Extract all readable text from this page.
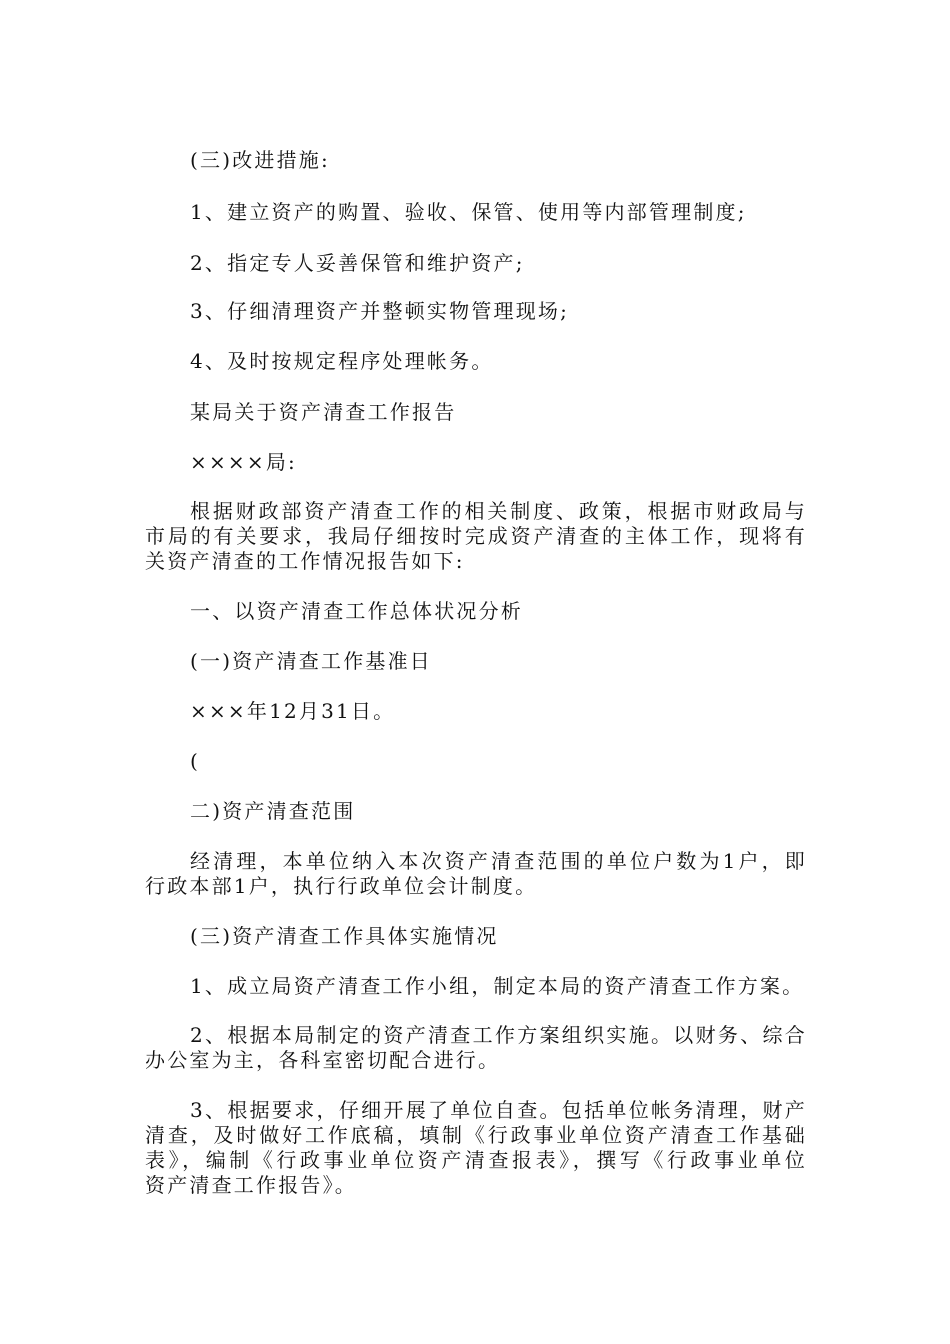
(三)改进措施:
1、建立资产的购置、验收、保管、使用等内部管理制度;
2、指定专人妥善保管和维护资产;
3、仔细清理资产并整顿实物管理现场;
4、及时按规定程序处理帐务。
某局关于资产清查工作报告
××××局:
根据财政部资产清查工作的相关制度、政策，根据市财政局与
市局的有关要求，我局仔细按时完成资产清查的主体工作，现将有
关资产清查的工作情况报告如下:
一、以资产清查工作总体状况分析
(一)资产清查工作基准日
×××年12月31日。
(
二)资产清查范围
经清理，本单位纳入本次资产清查范围的单位户数为1户，即
行政本部1户，执行行政单位会计制度。
(三)资产清查工作具体实施情况
1、成立局资产清查工作小组，制定本局的资产清查工作方案。
2、根据本局制定的资产清查工作方案组织实施。以财务、综合
办公室为主，各科室密切配合进行。
3、根据要求，仔细开展了单位自查。包括单位帐务清理，财产
清查，及时做好工作底稿，填制《行政事业单位资产清查工作基础
表》，编制《行政事业单位资产清查报表》，撰写《行政事业单位
资产清查工作报告》。
